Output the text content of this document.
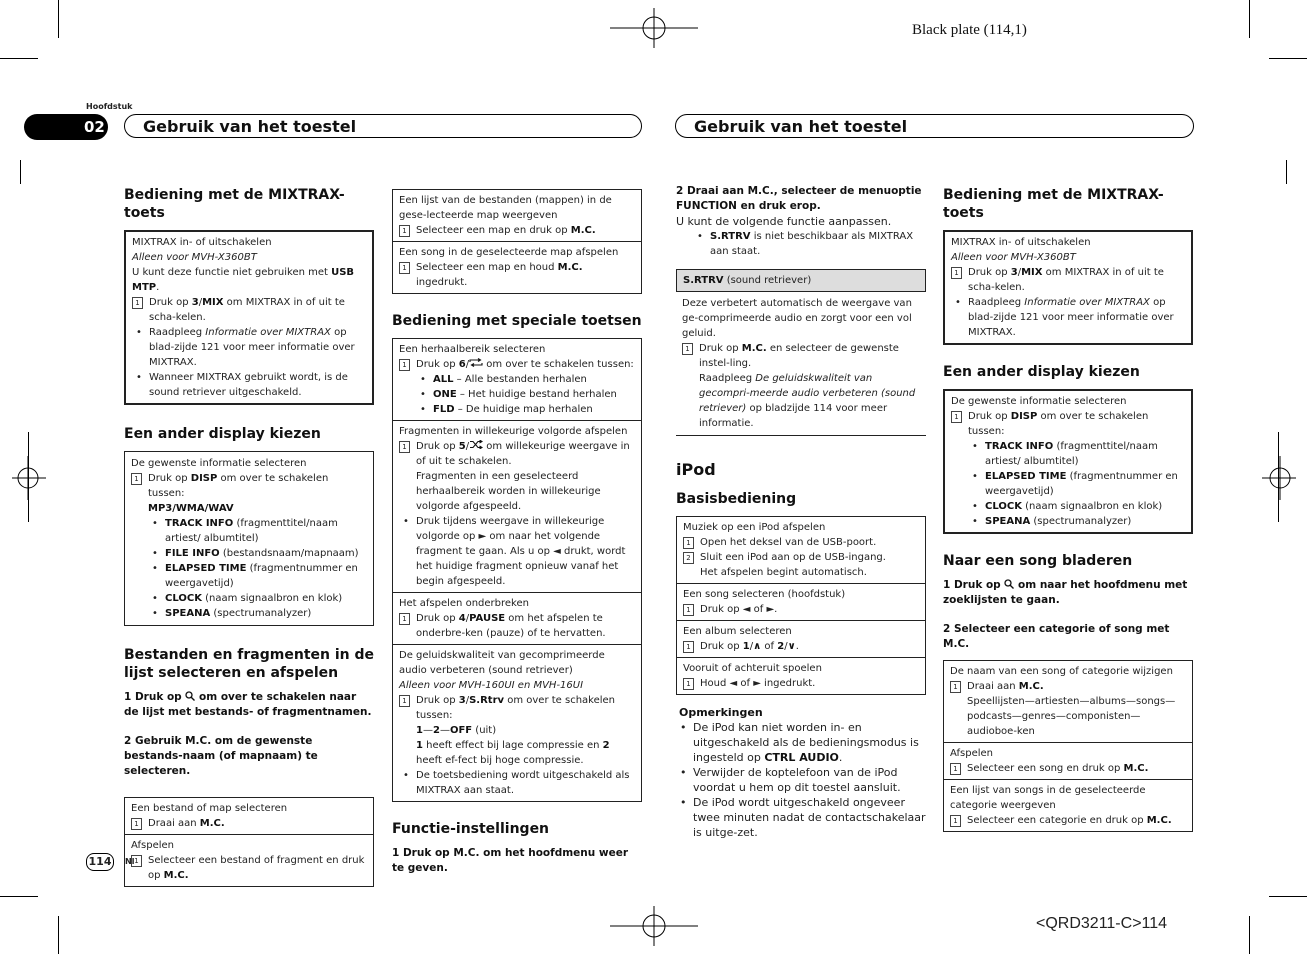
Black plate (114,1)
<QRD3211-C>114
Hoofdstuk
02 Gebruik van het toestel	Gebruik van het toestel
Bediening met de MIXTRAX-toets

MIXTRAX in- of uitschakelen

Alleen voor MVH-X360BT

U kunt deze functie niet gebruiken met USB MTP.

1 Druk op 3/MIX om MIXTRAX in of uit te scha-kelen.

• Raadpleeg Informatie over MIXTRAX op blad-zijde 121 voor meer informatie over MIXTRAX.

• Wanneer MIXTRAX gebruikt wordt, is de sound retriever uitgeschakeld.

Een ander display kiezen

De gewenste informatie selecteren

1 Druk op DISP om over te schakelen tussen:

MP3/WMA/WAV

• TRACK INFO (fragmenttitel/naam artiest/ albumtitel)

• FILE INFO (bestandsnaam/mapnaam)

• ELAPSED TIME (fragmentnummer en weergavetijd)

• CLOCK (naam signaalbron en klok)

• SPEANA (spectrumanalyzer)

Bestanden en fragmenten in de lijst selecteren en afspelen

1 Druk op  om over te schakelen naar de lijst met bestands- of fragmentnamen.

2 Gebruik M.C. om de gewenste bestands-naam (of mapnaam) te selecteren.

Een bestand of map selecteren

1 Draai aan M.C.

Afspelen

1 Selecteer een bestand of fragment en druk op M.C.

Een lijst van de bestanden (mappen) in de gese-lecteerde map weergeven

1 Selecteer een map en druk op M.C.

Een song in de geselecteerde map afspelen

1 Selecteer een map en houd M.C. ingedrukt.

Bediening met speciale toetsen

Een herhaalbereik selecteren

1 Druk op 6/ om over te schakelen tussen:

• ALL – Alle bestanden herhalen

• ONE – Het huidige bestand herhalen

• FLD – De huidige map herhalen

Fragmenten in willekeurige volgorde afspelen

1 Druk op 5/ om willekeurige weergave in of uit te schakelen.

Fragmenten in een geselecteerd herhaalbereik worden in willekeurige volgorde afgespeeld.

• Druk tijdens weergave in willekeurige volgorde op ► om naar het volgende fragment te gaan. Als u op ◄ drukt, wordt het huidige fragment opnieuw vanaf het begin afgespeeld.

Het afspelen onderbreken

1 Druk op 4/PAUSE om het afspelen te onderbre-ken (pauze) of te hervatten.

De geluidskwaliteit van gecomprimeerde audio verbeteren (sound retriever)

Alleen voor MVH-160UI en MVH-16UI

1 Druk op 3/S.Rtrv om over te schakelen tussen:

1—2—OFF (uit)

1 heeft effect bij lage compressie en 2 heeft ef-fect bij hoge compressie.

• De toetsbediening wordt uitgeschakeld als MIXTRAX aan staat.

Functie-instellingen

1 Druk op M.C. om het hoofdmenu weer te geven.

2 Draai aan M.C., selecteer de menuoptie FUNCTION en druk erop.

U kunt de volgende functie aanpassen.

• S.RTRV is niet beschikbaar als MIXTRAX aan staat.

S.RTRV (sound retriever)

Deze verbetert automatisch de weergave van ge-comprimeerde audio en zorgt voor een vol geluid.

1 Druk op M.C. en selecteer de gewenste instel-ling.

Raadpleeg De geluidskwaliteit van gecompri-meerde audio verbeteren (sound retriever) op bladzijde 114 voor meer informatie.

iPod
Basisbediening

Muziek op een iPod afspelen

1 Open het deksel van de USB-poort.

2 Sluit een iPod aan op de USB-ingang.

Het afspelen begint automatisch.

Een song selecteren (hoofdstuk)

1 Druk op ◄ of ►.

Een album selecteren

1 Druk op 1/∧ of 2/∨.

Vooruit of achteruit spoelen

1 Houd ◄ of ► ingedrukt.

Opmerkingen

• De iPod kan niet worden in- en uitgeschakeld als de bedieningsmodus is ingesteld op CTRL AUDIO.

• Verwijder de koptelefoon van de iPod voordat u hem op dit toestel aansluit.

• De iPod wordt uitgeschakeld ongeveer twee minuten nadat de contactschakelaar is uitge-zet.

Bediening met de MIXTRAX-toets

MIXTRAX in- of uitschakelen

Alleen voor MVH-X360BT

1 Druk op 3/MIX om MIXTRAX in of uit te scha-kelen.

• Raadpleeg Informatie over MIXTRAX op blad-zijde 121 voor meer informatie over MIXTRAX.

Een ander display kiezen

De gewenste informatie selecteren

1 Druk op DISP om over te schakelen tussen:

• TRACK INFO (fragmenttitel/naam artiest/ albumtitel)

• ELAPSED TIME (fragmentnummer en weergavetijd)

• CLOCK (naam signaalbron en klok)

• SPEANA (spectrumanalyzer)

Naar een song bladeren

1 Druk op  om naar het hoofdmenu met zoeklijsten te gaan.

2 Selecteer een categorie of song met M.C.

De naam van een song of categorie wijzigen

1 Draai aan M.C.

Speellijsten—artiesten—albums—songs—podcasts—genres—componisten—audioboe-ken

Afspelen

1 Selecteer een song en druk op M.C.

Een lijst van songs in de geselecteerde categorie weergeven

1 Selecteer een categorie en druk op M.C.

114	Nl
